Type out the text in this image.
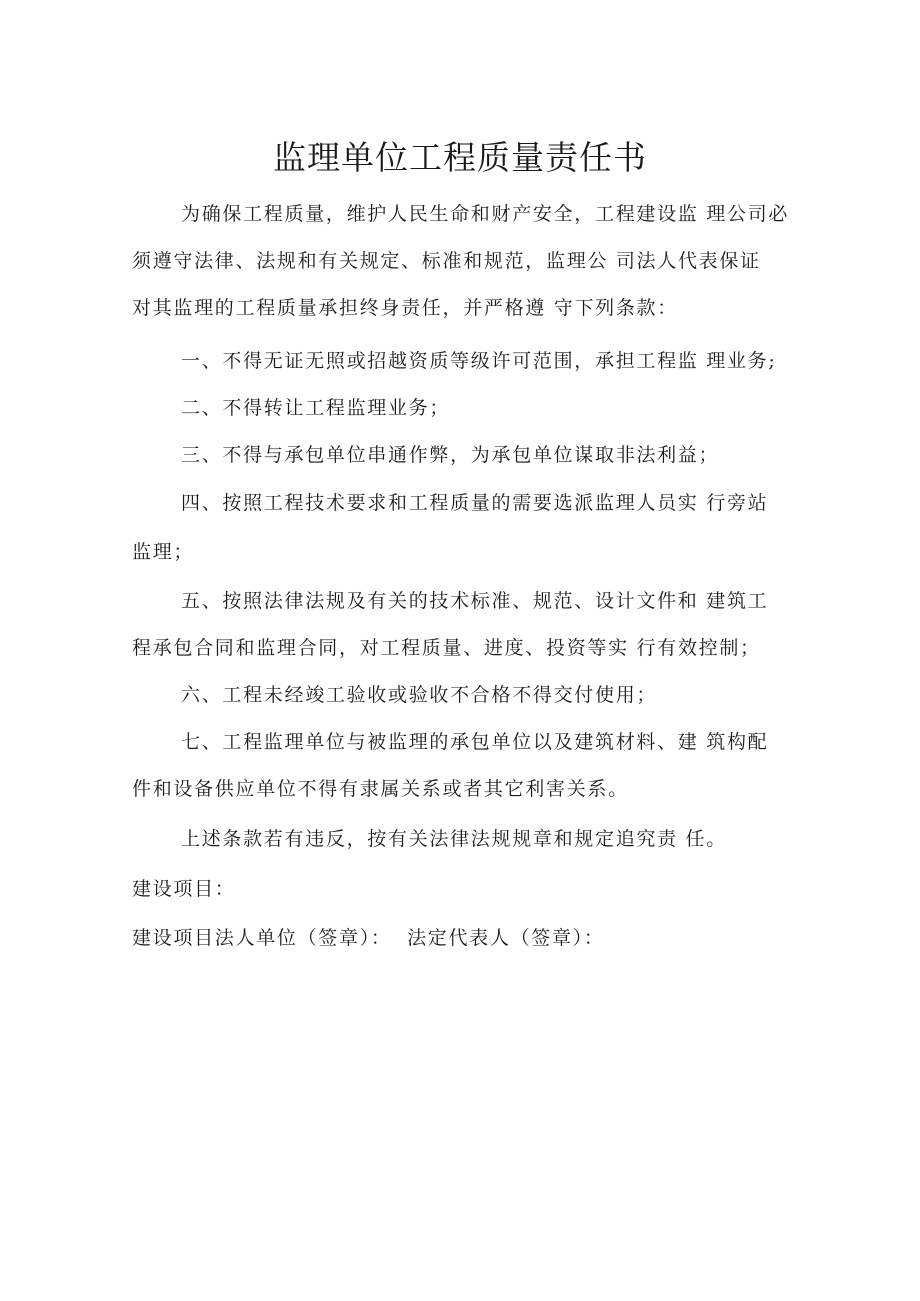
监理单位工程质量责任书
为确保工程质量，维护人民生命和财产安全，工程建设监 理公司必
须遵守法律、法规和有关规定、标准和规范，监理公 司法人代表保证
对其监理的工程质量承担终身责任，并严格遵 守下列条款：
一、不得无证无照或招越资质等级许可范围，承担工程监 理业务;
二、不得转让工程监理业务；
三、不得与承包单位串通作弊，为承包单位谋取非法利益；
四、按照工程技术要求和工程质量的需要选派监理人员实 行旁站
监理；
五、按照法律法规及有关的技术标准、规范、设计文件和 建筑工
程承包合同和监理合同，对工程质量、进度、投资等实 行有效控制；
六、工程未经竣工验收或验收不合格不得交付使用；
七、工程监理单位与被监理的承包单位以及建筑材料、建 筑构配
件和设备供应单位不得有隶属关系或者其它利害关系。
上述条款若有违反，按有关法律法规规章和规定追究责 任。
建设项目：
建设项目法人单位（签章）：  法定代表人（签章）：
